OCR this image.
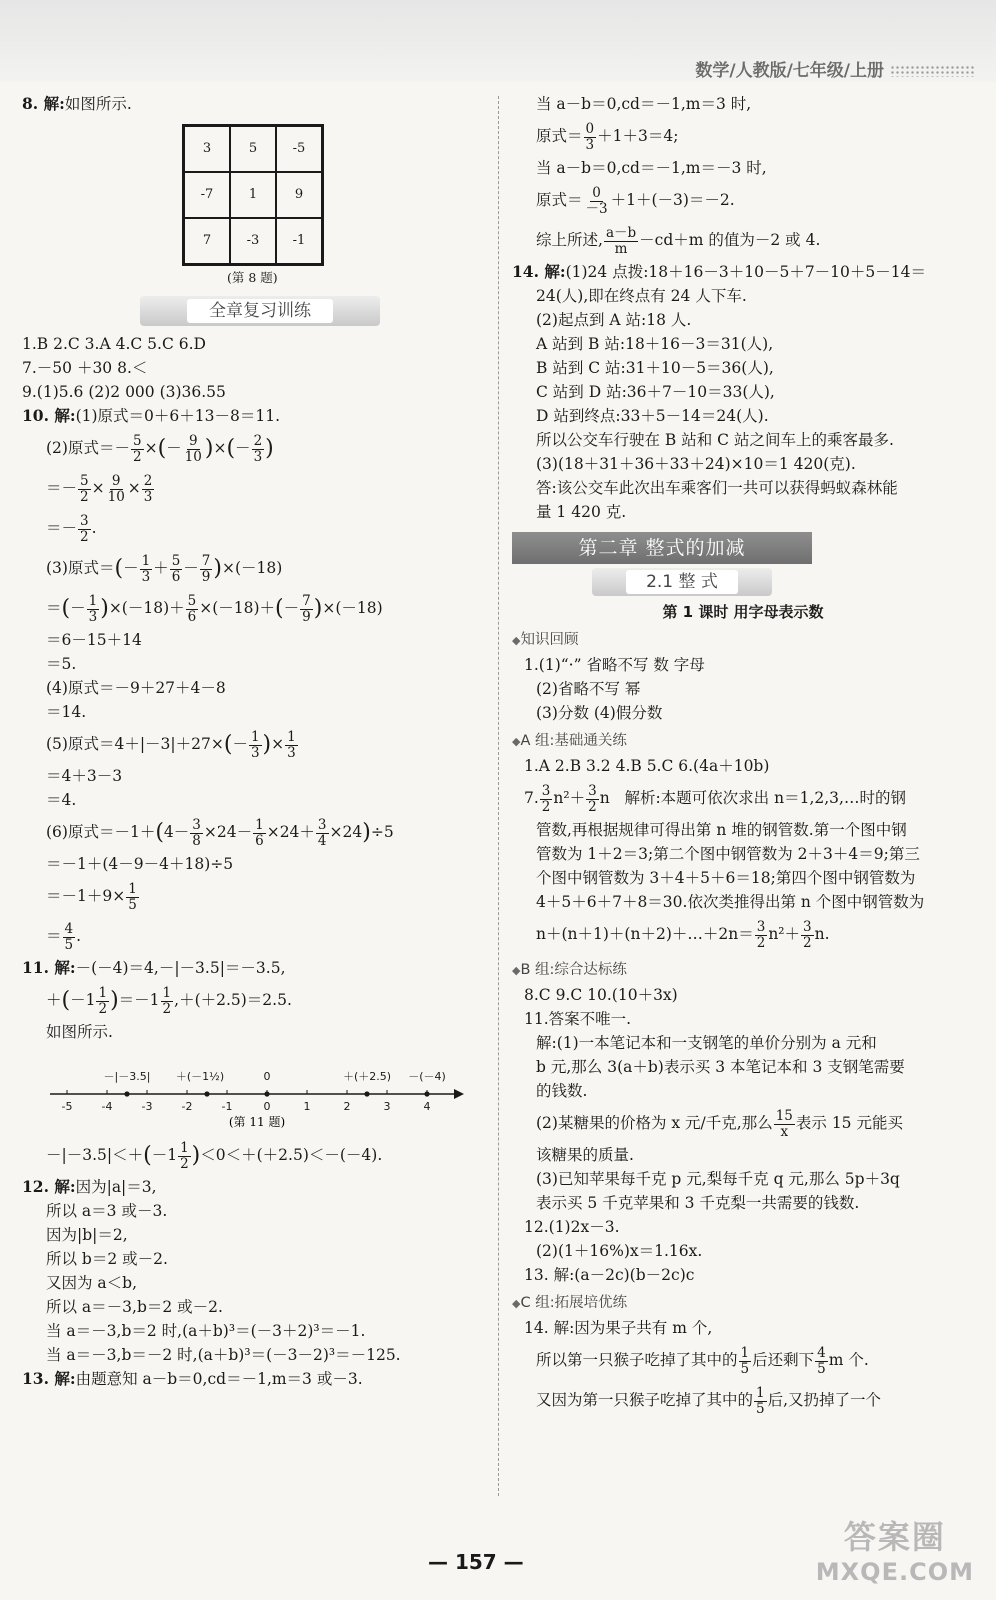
数学/人教版/七年级/上册
8. 解:如图所示.
3	5	-5
-7	1	9
7	-3	-1
(第 8 题)
全章复习训练
1.B 2.C 3.A 4.C 5.C 6.D
7.－50 ＋30 8.＜
9.(1)5.6 (2)2 000 (3)36.55
10. 解:(1)原式＝0＋6＋13－8＝11.
(2)原式＝－ $\frac{5}{2}$ ×(－ $\frac{9}{10}$ )×(－ $\frac{2}{3}$ )
＝－ $\frac{5}{2} \times \frac{9}{10} \times \frac{2}{3}$
＝－ $\frac{3}{2}$ .
(3)原式＝(－ $\frac{1}{3} + \frac{5}{6} - \frac{7}{9} )\times(-18)$
＝(－ $\frac{1}{3} )\times(-18)+ \frac{5}{6} \times(-18)+(- \frac{7}{9} )\times(-18)$
＝6－15＋14
＝5.
(4)原式＝－9＋27＋4－8
＝14.
(5)原式$=4+|-3|+27\times(- \frac{1}{3}$ )× $\frac{1}{3}$
＝4＋3－3
＝4.
(6)原式$=-1+(4- \frac{3}{8} \times 24- \frac{1}{6} \times 24+ \frac{3}{4} \times 24)\div 5$
＝－1＋(4－9－4＋18)÷5
$=-1+9\times \frac{1}{5}$
＝ $\frac{4}{5}$ .
11. 解:－(－4)＝4,－|－3.5|＝－3.5,
$+(-1 \frac{1}{2} )=-1 \frac{1}{2} ,+(+2.5)=2.5$.
如图所示.
-5	-4	-3	-2	-1	0	1	2	3	4
－|－3.5| ＋(－1½)	0	＋(＋2.5) －(－4)
(第 11 题)
$-|-3.5|<+(-1 \frac{1}{2} )<0<+(+2.5)<-(-4)$.
12. 解:因为|a|＝3,
所以 a＝3 或－3.
因为|b|＝2,
所以 b＝2 或－2.
又因为 a＜b,
所以 a＝－3,b＝2 或－2.
当 a＝－3,b＝2 时,(a＋b)³＝(－3＋2)³＝－1.
当 a＝－3,b＝－2 时,(a＋b)³＝(－3－2)³＝－125.
13. 解:由题意知 a－b＝0,cd＝－1,m＝3 或－3.
当 a－b＝0,cd＝－1,m＝3 时,
原式＝ $\frac{0}{3} +1+3=4$;
当 a－b＝0,cd＝－1,m＝－3 时,
原式＝ $\frac{0}{-3} +1+(-3)=-2$.
综上所述, $\frac{a-b}{m} -cd+m$ 的值为－2 或 4.
14. 解:(1)24 点拨:18＋16－3＋10－5＋7－10＋5－14＝
24(人),即在终点有 24 人下车.
(2)起点到 A 站:18 人.
A 站到 B 站:18＋16－3＝31(人),
B 站到 C 站:31＋10－5＝36(人),
C 站到 D 站:36＋7－10＝33(人),
D 站到终点:33＋5－14＝24(人).
所以公交车行驶在 B 站和 C 站之间车上的乘客最多.
(3)(18＋31＋36＋33＋24)×10＝1 420(克).
答:该公交车此次出车乘客们一共可以获得蚂蚁森林能
量 1 420 克.
第二章 整式的加减
2.1 整 式
第 1 课时 用字母表示数
◆知识回顾
1.(1)“·” 省略不写 数 字母
(2)省略不写 幂
(3)分数 (4)假分数
◆A 组:基础通关练
1.A 2.B 3.2 4.B 5.C 6.(4a＋10b)
7. $\frac{3}{2} n^2+ \frac{3}{2}$ n   解析:本题可依次求出 n＝1,2,3,…时的钢
管数,再根据规律可得出第 n 堆的钢管数.第一个图中钢
管数为 1＋2＝3;第二个图中钢管数为 2＋3＋4＝9;第三
个图中钢管数为 3＋4＋5＋6＝18;第四个图中钢管数为
4＋5＋6＋7＋8＝30.依次类推得出第 n 个图中钢管数为
n＋(n＋1)＋(n＋2)＋…＋2n＝ $\frac{3}{2} n^2+ \frac{3}{2} n$.
◆B 组:综合达标练
8.C 9.C 10.(10＋3x)
11.答案不唯一.
解:(1)一本笔记本和一支钢笔的单价分别为 a 元和
b 元,那么 3(a＋b)表示买 3 本笔记本和 3 支钢笔需要
的钱数.
(2)某糖果的价格为 x 元/千克,那么 $\frac{15}{x}$ 表示 15 元能买
该糖果的质量.
(3)已知苹果每千克 p 元,梨每千克 q 元,那么 5p＋3q
表示买 5 千克苹果和 3 千克梨一共需要的钱数.
12.(1)2x－3.
(2)(1＋16%)x＝1.16x.
13. 解:(a－2c)(b－2c)c
◆C 组:拓展培优练
14. 解:因为果子共有 m 个,
所以第一只猴子吃掉了其中的 $\frac{1}{5}$ 后还剩下 $\frac{4}{5}$ m 个.
又因为第一只猴子吃掉了其中的 $\frac{1}{5}$ 后,又扔掉了一个
— 157 —
答案圈
MXQE.COM
